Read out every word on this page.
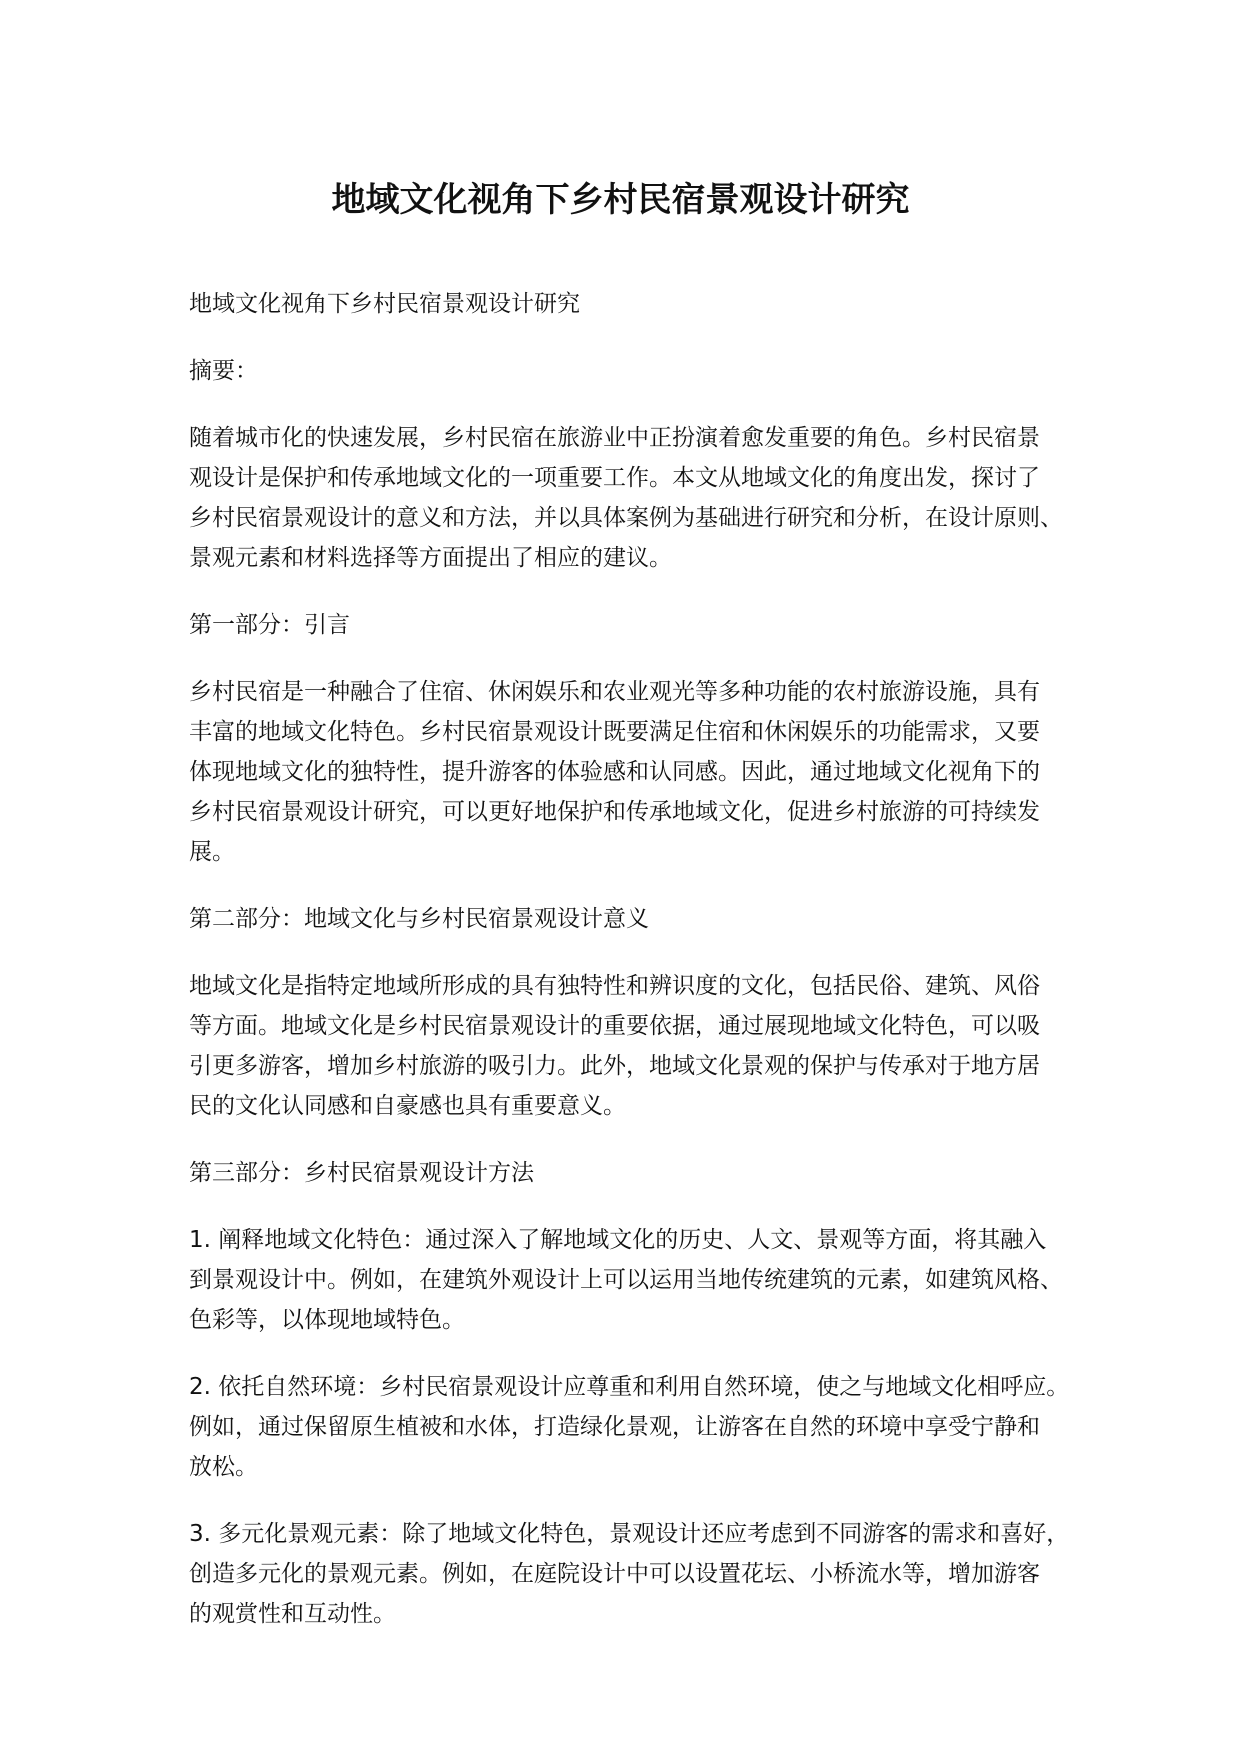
地域文化视角下乡村民宿景观设计研究

地域文化视角下乡村民宿景观设计研究

摘要：

随着城市化的快速发展，乡村民宿在旅游业中正扮演着愈发重要的角色。乡村民宿景
观设计是保护和传承地域文化的一项重要工作。本文从地域文化的角度出发，探讨了
乡村民宿景观设计的意义和方法，并以具体案例为基础进行研究和分析，在设计原则、
景观元素和材料选择等方面提出了相应的建议。

第一部分：引言

乡村民宿是一种融合了住宿、休闲娱乐和农业观光等多种功能的农村旅游设施，具有
丰富的地域文化特色。乡村民宿景观设计既要满足住宿和休闲娱乐的功能需求，又要
体现地域文化的独特性，提升游客的体验感和认同感。因此，通过地域文化视角下的
乡村民宿景观设计研究，可以更好地保护和传承地域文化，促进乡村旅游的可持续发
展。

第二部分：地域文化与乡村民宿景观设计意义

地域文化是指特定地域所形成的具有独特性和辨识度的文化，包括民俗、建筑、风俗
等方面。地域文化是乡村民宿景观设计的重要依据，通过展现地域文化特色，可以吸
引更多游客，增加乡村旅游的吸引力。此外，地域文化景观的保护与传承对于地方居
民的文化认同感和自豪感也具有重要意义。

第三部分：乡村民宿景观设计方法

1. 阐释地域文化特色：通过深入了解地域文化的历史、人文、景观等方面，将其融入
到景观设计中。例如，在建筑外观设计上可以运用当地传统建筑的元素，如建筑风格、
色彩等，以体现地域特色。

2. 依托自然环境：乡村民宿景观设计应尊重和利用自然环境，使之与地域文化相呼应。
例如，通过保留原生植被和水体，打造绿化景观，让游客在自然的环境中享受宁静和
放松。

3. 多元化景观元素：除了地域文化特色，景观设计还应考虑到不同游客的需求和喜好，
创造多元化的景观元素。例如，在庭院设计中可以设置花坛、小桥流水等，增加游客
的观赏性和互动性。
